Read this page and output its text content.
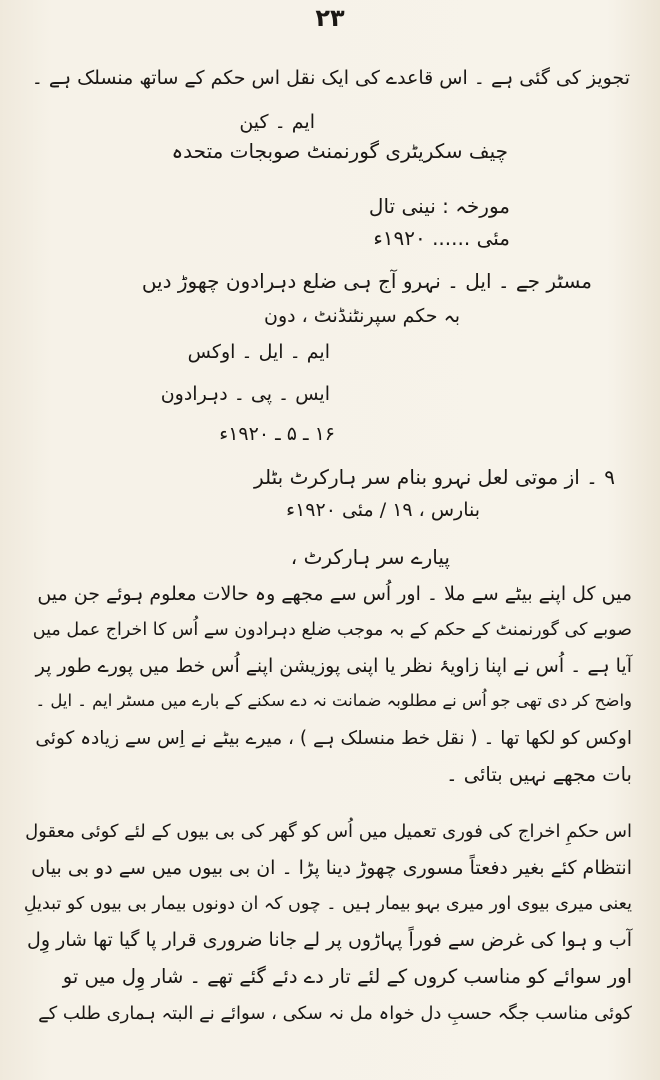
۲۳
تجویز کی گئی ہے ۔ اس قاعدے کی ایک نقل اس حکم کے ساتھ منسلک ہے ۔
ایم ۔ کین
چیف سکریٹری گورنمنٹ صوبجات متحدہ
مورخہ : نینی تال
مئی ...... ۱۹۲۰ء
مسٹر جے ۔ ایل ۔ نہرو آج ہی ضلع دہرادون چھوڑ دیں
بہ حکم سپرنٹنڈنٹ ، دون
ایم ۔ ایل ۔ اوکس
ایس ۔ پی ۔ دہرادون
۱۶ ـ ۵ ـ ۱۹۲۰ء
۹ ۔ از موتی لعل نہرو بنام سر ہارکرٹ بٹلر
بنارس ، ۱۹ / مئی ۱۹۲۰ء
پیارے سر ہارکرٹ ،
میں کل اپنے بیٹے سے ملا ۔ اور اُس سے مجھے وہ حالات معلوم ہوئے جن میں
صوبے کی گورنمنٹ کے حکم کے بہ موجب ضلع دہرادون سے اُس کا اخراج عمل میں
آیا ہے ۔ اُس نے اپنا زاویۂ نظر یا اپنی پوزیشن اپنے اُس خط میں پورے طور پر
واضح کر دی تھی جو اُس نے مطلوبہ ضمانت نہ دے سکنے کے بارے میں مسٹر ایم ۔ ایل ۔
اوکس کو لکھا تھا ۔ ( نقل خط منسلک ہے ) ، میرے بیٹے نے اِس سے زیادہ کوئی
بات مجھے نہیں بتائی ۔
اس حکمِ اخراج کی فوری تعمیل میں اُس کو گھر کی بی بیوں کے لئے کوئی معقول
انتظام کئے بغیر دفعتاً مسوری چھوڑ دینا پڑا ۔ ان بی بیوں میں سے دو بی بیاں
یعنی میری بیوی اور میری بہو بیمار ہیں ۔ چوں کہ ان دونوں بیمار بی بیوں کو تبدیلِ
آب و ہوا کی غرض سے فوراً پہاڑوں پر لے جانا ضروری قرار پا گیا تھا شار وِل
اور سوائے کو مناسب کروں کے لئے تار دے دئے گئے تھے ۔ شار وِل میں تو
کوئی مناسب جگہ حسبِ دل خواہ مل نہ سکی ، سوائے نے البتہ ہماری طلب کے
